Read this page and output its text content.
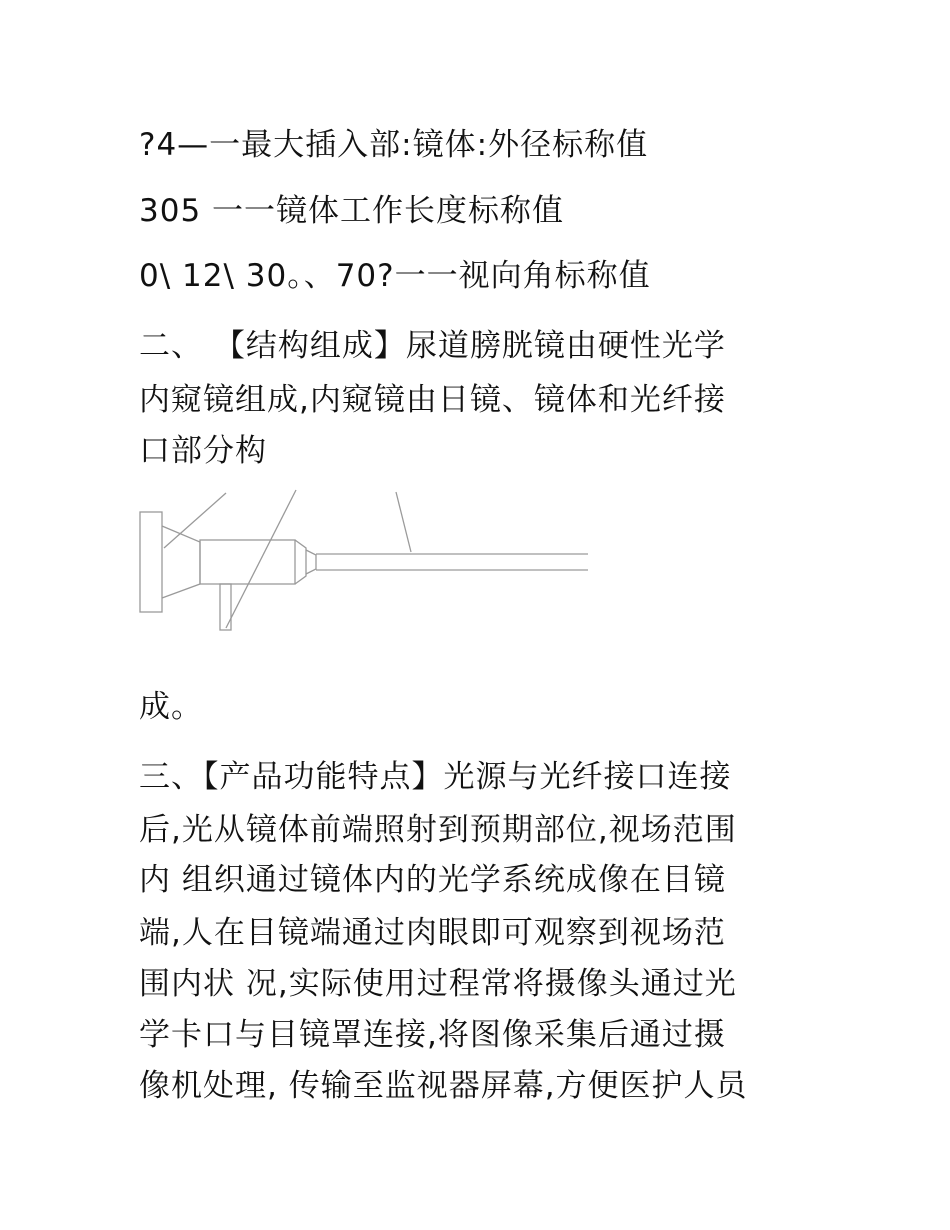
?4—一最大插入部:镜体:外径标称值
305 一一镜体工作长度标称值
0\ 12\ 30。、70?一一视向角标称值
二、 【结构组成】尿道膀胱镜由硬性光学
内窥镜组成,内窥镜由日镜、镜体和光纤接
口部分构
成。
三、【产品功能特点】光源与光纤接口连接
后,光从镜体前端照射到预期部位,视场范围
内 组织通过镜体内的光学系统成像在目镜
端,人在目镜端通过肉眼即可观察到视场范
围内状 况,实际使用过程常将摄像头通过光
学卡口与目镜罩连接,将图像采集后通过摄
像机处理, 传输至监视器屏幕,方便医护人员
